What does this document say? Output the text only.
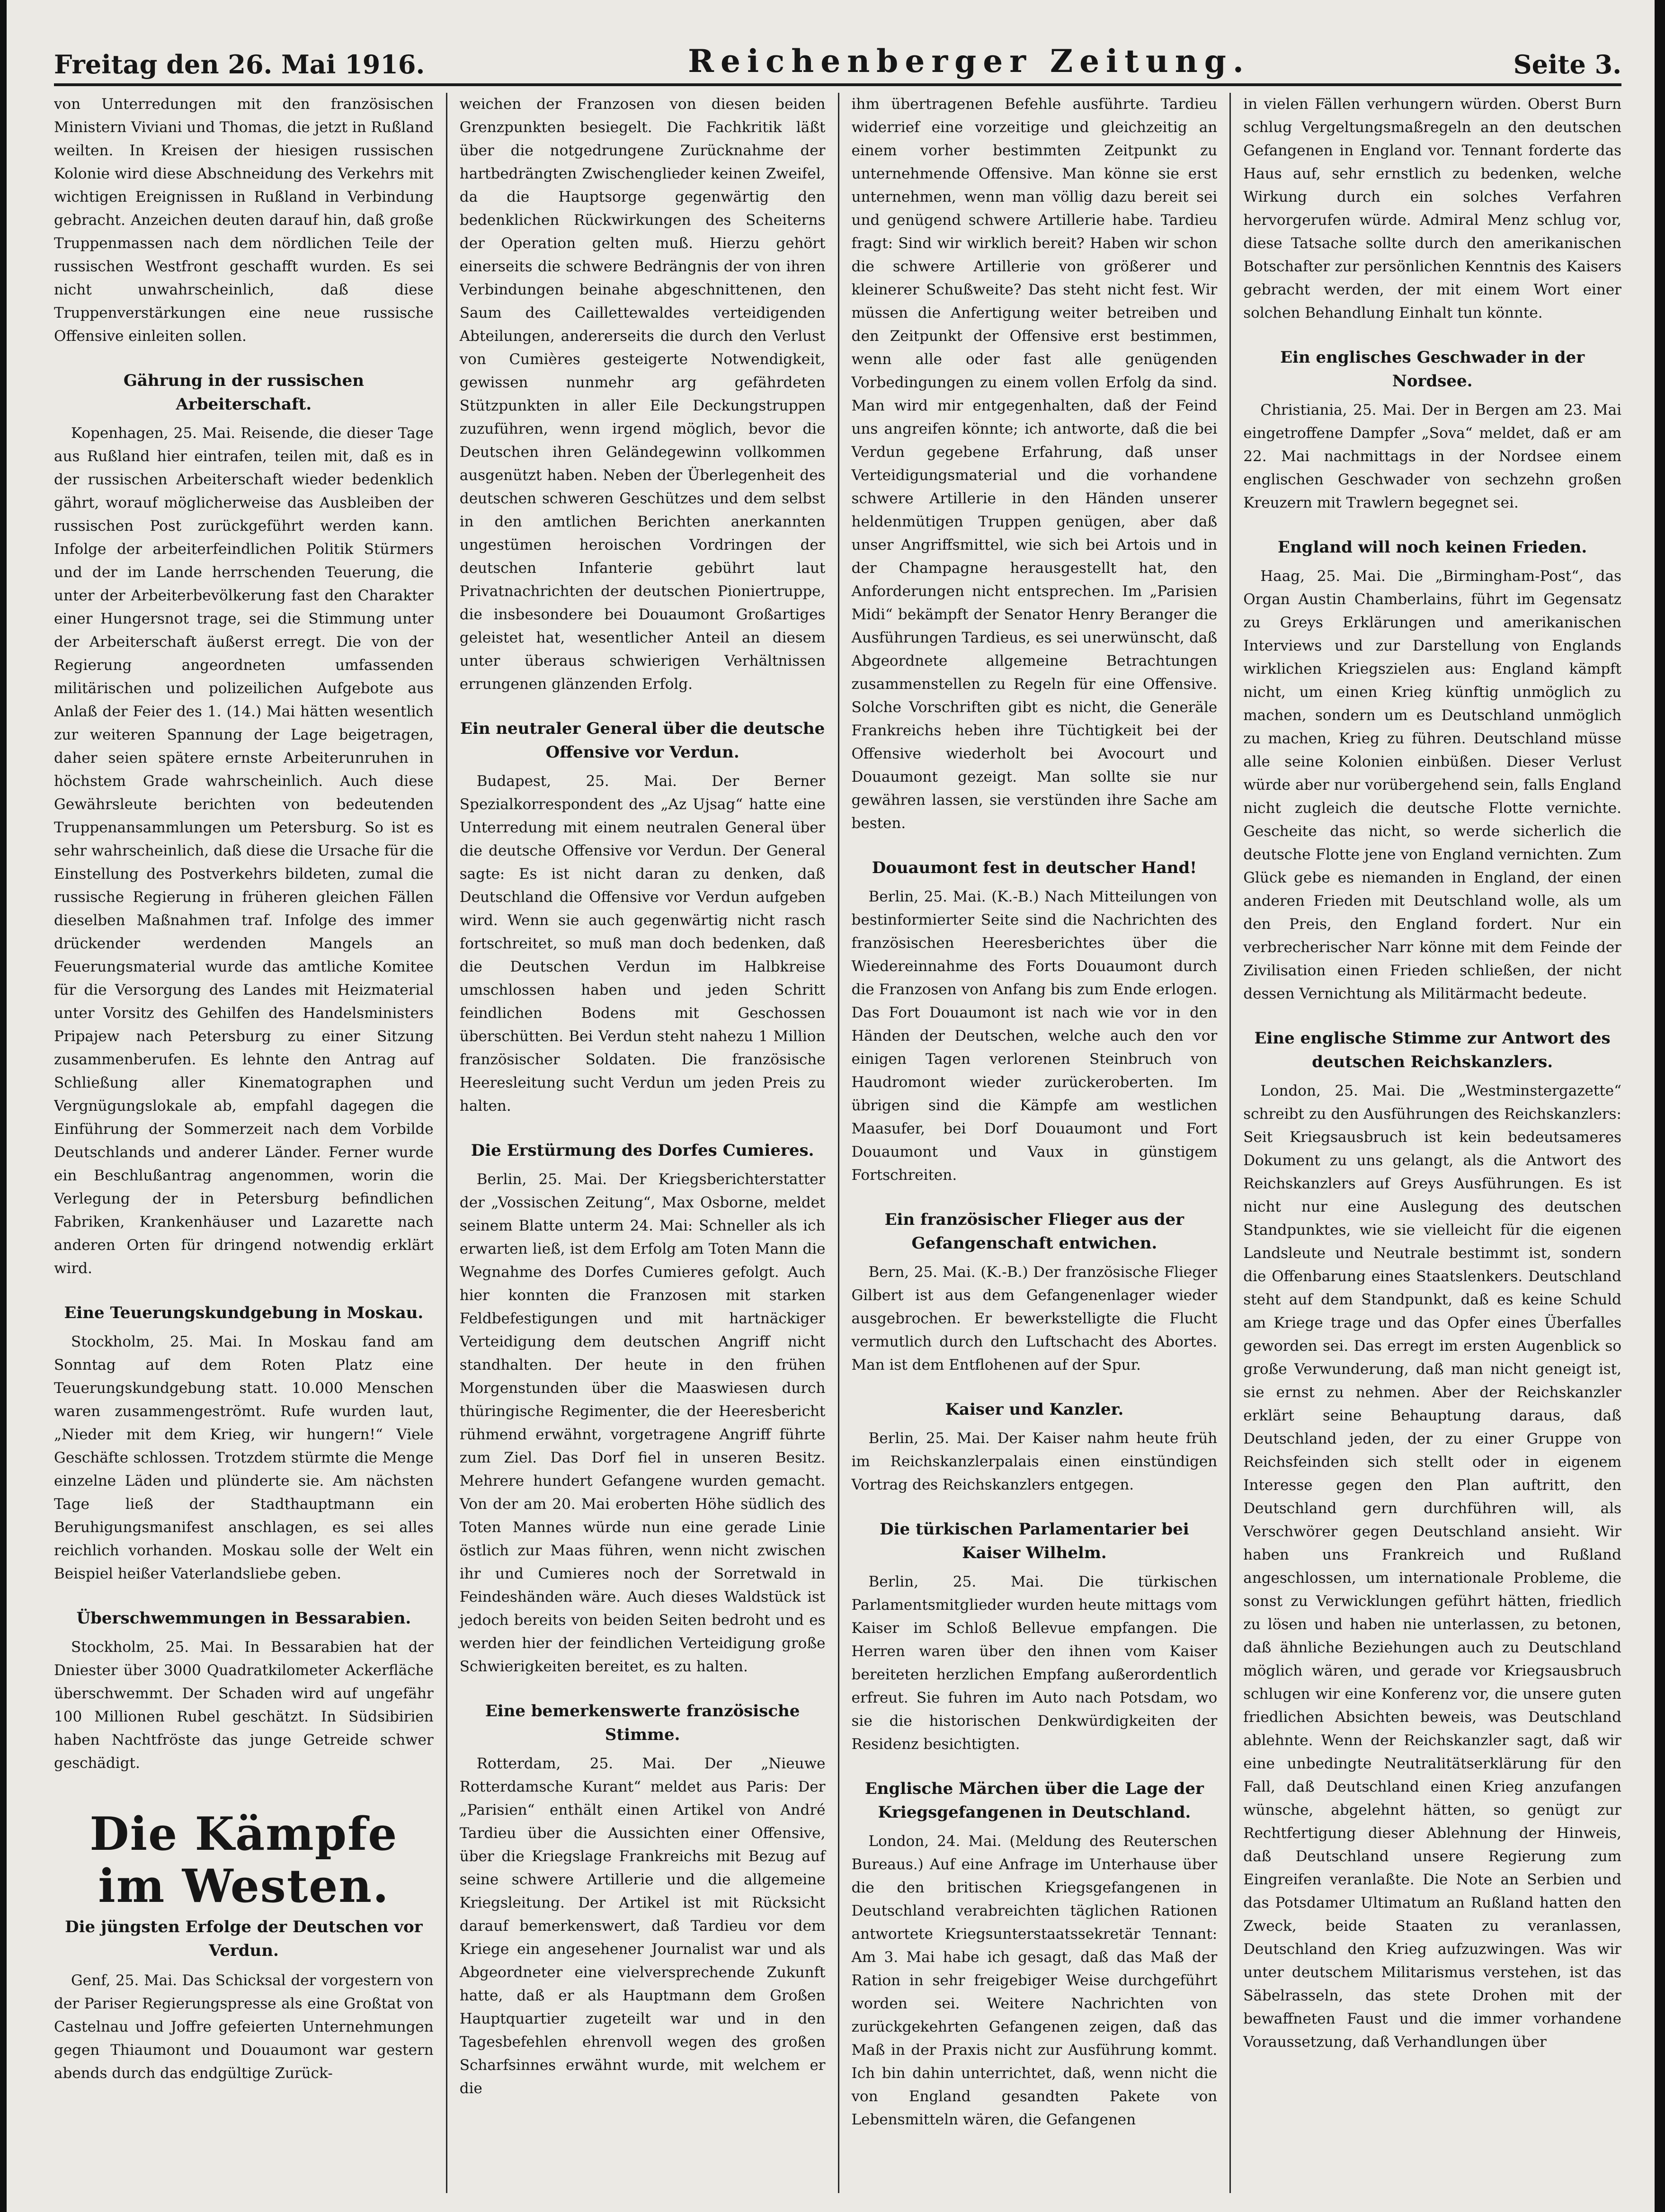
Freitag den 26. Mai 1916.	Reichenberger Zeitung.	Seite 3.

von Unterredungen mit den französischen Ministern Viviani und Thomas, die jetzt in Rußland weilten. In Kreisen der hiesigen russischen Kolonie wird diese Abschneidung des Verkehrs mit wichtigen Ereignissen in Rußland in Verbindung gebracht. Anzeichen deuten darauf hin, daß große Truppenmassen nach dem nördlichen Teile der russischen Westfront geschafft wurden. Es sei nicht unwahrscheinlich, daß diese Truppenverstärkungen eine neue russische Offensive einleiten sollen.

Gährung in der russischen Arbeiterschaft.

Kopenhagen, 25. Mai. Reisende, die dieser Tage aus Rußland hier eintrafen, teilen mit, daß es in der russischen Arbeiterschaft wieder bedenklich gährt, worauf möglicherweise das Ausbleiben der russischen Post zurückgeführt werden kann. Infolge der arbeiterfeindlichen Politik Stürmers und der im Lande herrschenden Teuerung, die unter der Arbeiterbevölkerung fast den Charakter einer Hungersnot trage, sei die Stimmung unter der Arbeiterschaft äußerst erregt. Die von der Regierung angeordneten umfassenden militärischen und polizeilichen Aufgebote aus Anlaß der Feier des 1. (14.) Mai hätten wesentlich zur weiteren Spannung der Lage beigetragen, daher seien spätere ernste Arbeiterunruhen in höchstem Grade wahrscheinlich. Auch diese Gewährsleute berichten von bedeutenden Truppenansammlungen um Petersburg. So ist es sehr wahrscheinlich, daß diese die Ursache für die Einstellung des Postverkehrs bildeten, zumal die russische Regierung in früheren gleichen Fällen dieselben Maßnahmen traf. Infolge des immer drückender werdenden Mangels an Feuerungsmaterial wurde das amtliche Komitee für die Versorgung des Landes mit Heizmaterial unter Vorsitz des Gehilfen des Handelsministers Pripajew nach Petersburg zu einer Sitzung zusammenberufen. Es lehnte den Antrag auf Schließung aller Kinematographen und Vergnügungslokale ab, empfahl dagegen die Einführung der Sommerzeit nach dem Vorbilde Deutschlands und anderer Länder. Ferner wurde ein Beschlußantrag angenommen, worin die Verlegung der in Petersburg befindlichen Fabriken, Krankenhäuser und Lazarette nach anderen Orten für dringend notwendig erklärt wird.

Eine Teuerungskundgebung in Moskau.

Stockholm, 25. Mai. In Moskau fand am Sonntag auf dem Roten Platz eine Teuerungskundgebung statt. 10.000 Menschen waren zusammengeströmt. Rufe wurden laut, „Nieder mit dem Krieg, wir hungern!“ Viele Geschäfte schlossen. Trotzdem stürmte die Menge einzelne Läden und plünderte sie. Am nächsten Tage ließ der Stadthauptmann ein Beruhigungsmanifest anschlagen, es sei alles reichlich vorhanden. Moskau solle der Welt ein Beispiel heißer Vaterlandsliebe geben.

Überschwemmungen in Bessarabien.

Stockholm, 25. Mai. In Bessarabien hat der Dniester über 3000 Quadratkilometer Ackerfläche überschwemmt. Der Schaden wird auf ungefähr 100 Millionen Rubel geschätzt. In Südsibirien haben Nachtfröste das junge Getreide schwer geschädigt.

Die Kämpfe im Westen.
Die jüngsten Erfolge der Deutschen vor Verdun.

Genf, 25. Mai. Das Schicksal der vorgestern von der Pariser Regierungspresse als eine Großtat von Castelnau und Joffre gefeierten Unternehmungen gegen Thiaumont und Douaumont war gestern abends durch das endgültige Zurück-

weichen der Franzosen von diesen beiden Grenzpunkten besiegelt. Die Fachkritik läßt über die notgedrungene Zurücknahme der hartbedrängten Zwischenglieder keinen Zweifel, da die Hauptsorge gegenwärtig den bedenklichen Rückwirkungen des Scheiterns der Operation gelten muß. Hierzu gehört einerseits die schwere Bedrängnis der von ihren Verbindungen beinahe abgeschnittenen, den Saum des Caillettewaldes verteidigenden Abteilungen, andererseits die durch den Verlust von Cumières gesteigerte Notwendigkeit, gewissen nunmehr arg gefährdeten Stützpunkten in aller Eile Deckungstruppen zuzuführen, wenn irgend möglich, bevor die Deutschen ihren Geländegewinn vollkommen ausgenützt haben. Neben der Überlegenheit des deutschen schweren Geschützes und dem selbst in den amtlichen Berichten anerkannten ungestümen heroischen Vordringen der deutschen Infanterie gebührt laut Privatnachrichten der deutschen Pioniertruppe, die insbesondere bei Douaumont Großartiges geleistet hat, wesentlicher Anteil an diesem unter überaus schwierigen Verhältnissen errungenen glänzenden Erfolg.

Ein neutraler General über die deutsche Offensive vor Verdun.

Budapest, 25. Mai. Der Berner Spezialkorrespondent des „Az Ujsag“ hatte eine Unterredung mit einem neutralen General über die deutsche Offensive vor Verdun. Der General sagte: Es ist nicht daran zu denken, daß Deutschland die Offensive vor Verdun aufgeben wird. Wenn sie auch gegenwärtig nicht rasch fortschreitet, so muß man doch bedenken, daß die Deutschen Verdun im Halbkreise umschlossen haben und jeden Schritt feindlichen Bodens mit Geschossen überschütten. Bei Verdun steht nahezu 1 Million französischer Soldaten. Die französische Heeresleitung sucht Verdun um jeden Preis zu halten.

Die Erstürmung des Dorfes Cumieres.

Berlin, 25. Mai. Der Kriegsberichterstatter der „Vossischen Zeitung“, Max Osborne, meldet seinem Blatte unterm 24. Mai: Schneller als ich erwarten ließ, ist dem Erfolg am Toten Mann die Wegnahme des Dorfes Cumieres gefolgt. Auch hier konnten die Franzosen mit starken Feldbefestigungen und mit hartnäckiger Verteidigung dem deutschen Angriff nicht standhalten. Der heute in den frühen Morgenstunden über die Maaswiesen durch thüringische Regimenter, die der Heeresbericht rühmend erwähnt, vorgetragene Angriff führte zum Ziel. Das Dorf fiel in unseren Besitz. Mehrere hundert Gefangene wurden gemacht. Von der am 20. Mai eroberten Höhe südlich des Toten Mannes würde nun eine gerade Linie östlich zur Maas führen, wenn nicht zwischen ihr und Cumieres noch der Sorretwald in Feindeshänden wäre. Auch dieses Waldstück ist jedoch bereits von beiden Seiten bedroht und es werden hier der feindlichen Verteidigung große Schwierigkeiten bereitet, es zu halten.

Eine bemerkenswerte französische Stimme.

Rotterdam, 25. Mai. Der „Nieuwe Rotterdamsche Kurant“ meldet aus Paris: Der „Parisien“ enthält einen Artikel von André Tardieu über die Aussichten einer Offensive, über die Kriegslage Frankreichs mit Bezug auf seine schwere Artillerie und die allgemeine Kriegsleitung. Der Artikel ist mit Rücksicht darauf bemerkenswert, daß Tardieu vor dem Kriege ein angesehener Journalist war und als Abgeordneter eine vielversprechende Zukunft hatte, daß er als Hauptmann dem Großen Hauptquartier zugeteilt war und in den Tagesbefehlen ehrenvoll wegen des großen Scharfsinnes erwähnt wurde, mit welchem er die

ihm übertragenen Befehle ausführte. Tardieu widerrief eine vorzeitige und gleichzeitig an einem vorher bestimmten Zeitpunkt zu unternehmende Offensive. Man könne sie erst unternehmen, wenn man völlig dazu bereit sei und genügend schwere Artillerie habe. Tardieu fragt: Sind wir wirklich bereit? Haben wir schon die schwere Artillerie von größerer und kleinerer Schußweite? Das steht nicht fest. Wir müssen die Anfertigung weiter betreiben und den Zeitpunkt der Offensive erst bestimmen, wenn alle oder fast alle genügenden Vorbedingungen zu einem vollen Erfolg da sind. Man wird mir entgegenhalten, daß der Feind uns angreifen könnte; ich antworte, daß die bei Verdun gegebene Erfahrung, daß unser Verteidigungsmaterial und die vorhandene schwere Artillerie in den Händen unserer heldenmütigen Truppen genügen, aber daß unser Angriffsmittel, wie sich bei Artois und in der Champagne herausgestellt hat, den Anforderungen nicht entsprechen. Im „Parisien Midi“ bekämpft der Senator Henry Beranger die Ausführungen Tardieus, es sei unerwünscht, daß Abgeordnete allgemeine Betrachtungen zusammenstellen zu Regeln für eine Offensive. Solche Vorschriften gibt es nicht, die Generäle Frankreichs heben ihre Tüchtigkeit bei der Offensive wiederholt bei Avocourt und Douaumont gezeigt. Man sollte sie nur gewähren lassen, sie verstünden ihre Sache am besten.

Douaumont fest in deutscher Hand!

Berlin, 25. Mai. (K.-B.) Nach Mitteilungen von bestinformierter Seite sind die Nachrichten des französischen Heeresberichtes über die Wiedereinnahme des Forts Douaumont durch die Franzosen von Anfang bis zum Ende erlogen. Das Fort Douaumont ist nach wie vor in den Händen der Deutschen, welche auch den vor einigen Tagen verlorenen Steinbruch von Haudromont wieder zurückeroberten. Im übrigen sind die Kämpfe am westlichen Maasufer, bei Dorf Douaumont und Fort Douaumont und Vaux in günstigem Fortschreiten.

Ein französischer Flieger aus der Gefangenschaft entwichen.

Bern, 25. Mai. (K.-B.) Der französische Flieger Gilbert ist aus dem Gefangenenlager wieder ausgebrochen. Er bewerkstelligte die Flucht vermutlich durch den Luftschacht des Abortes. Man ist dem Entflohenen auf der Spur.

Kaiser und Kanzler.

Berlin, 25. Mai. Der Kaiser nahm heute früh im Reichskanzlerpalais einen einstündigen Vortrag des Reichskanzlers entgegen.

Die türkischen Parlamentarier bei Kaiser Wilhelm.

Berlin, 25. Mai. Die türkischen Parlamentsmitglieder wurden heute mittags vom Kaiser im Schloß Bellevue empfangen. Die Herren waren über den ihnen vom Kaiser bereiteten herzlichen Empfang außerordentlich erfreut. Sie fuhren im Auto nach Potsdam, wo sie die historischen Denkwürdigkeiten der Residenz besichtigten.

Englische Märchen über die Lage der Kriegsgefangenen in Deutschland.

London, 24. Mai. (Meldung des Reuterschen Bureaus.) Auf eine Anfrage im Unterhause über die den britischen Kriegsgefangenen in Deutschland verabreichten täglichen Rationen antwortete Kriegsunterstaatssekretär Tennant: Am 3. Mai habe ich gesagt, daß das Maß der Ration in sehr freigebiger Weise durchgeführt worden sei. Weitere Nachrichten von zurückgekehrten Gefangenen zeigen, daß das Maß in der Praxis nicht zur Ausführung kommt. Ich bin dahin unterrichtet, daß, wenn nicht die von England gesandten Pakete von Lebensmitteln wären, die Gefangenen

in vielen Fällen verhungern würden. Oberst Burn schlug Vergeltungsmaßregeln an den deutschen Gefangenen in England vor. Tennant forderte das Haus auf, sehr ernstlich zu bedenken, welche Wirkung durch ein solches Verfahren hervorgerufen würde. Admiral Menz schlug vor, diese Tatsache sollte durch den amerikanischen Botschafter zur persönlichen Kenntnis des Kaisers gebracht werden, der mit einem Wort einer solchen Behandlung Einhalt tun könnte.

Ein englisches Geschwader in der Nordsee.

Christiania, 25. Mai. Der in Bergen am 23. Mai eingetroffene Dampfer „Sova“ meldet, daß er am 22. Mai nachmittags in der Nordsee einem englischen Geschwader von sechzehn großen Kreuzern mit Trawlern begegnet sei.

England will noch keinen Frieden.

Haag, 25. Mai. Die „Birmingham-Post“, das Organ Austin Chamberlains, führt im Gegensatz zu Greys Erklärungen und amerikanischen Interviews und zur Darstellung von Englands wirklichen Kriegszielen aus: England kämpft nicht, um einen Krieg künftig unmöglich zu machen, sondern um es Deutschland unmöglich zu machen, Krieg zu führen. Deutschland müsse alle seine Kolonien einbüßen. Dieser Verlust würde aber nur vorübergehend sein, falls England nicht zugleich die deutsche Flotte vernichte. Gescheite das nicht, so werde sicherlich die deutsche Flotte jene von England vernichten. Zum Glück gebe es niemanden in England, der einen anderen Frieden mit Deutschland wolle, als um den Preis, den England fordert. Nur ein verbrecherischer Narr könne mit dem Feinde der Zivilisation einen Frieden schließen, der nicht dessen Vernichtung als Militärmacht bedeute.

Eine englische Stimme zur Antwort des deutschen Reichskanzlers.

London, 25. Mai. Die „Westminstergazette“ schreibt zu den Ausführungen des Reichskanzlers: Seit Kriegsausbruch ist kein bedeutsameres Dokument zu uns gelangt, als die Antwort des Reichskanzlers auf Greys Ausführungen. Es ist nicht nur eine Auslegung des deutschen Standpunktes, wie sie vielleicht für die eigenen Landsleute und Neutrale bestimmt ist, sondern die Offenbarung eines Staatslenkers. Deutschland steht auf dem Standpunkt, daß es keine Schuld am Kriege trage und das Opfer eines Überfalles geworden sei. Das erregt im ersten Augenblick so große Verwunderung, daß man nicht geneigt ist, sie ernst zu nehmen. Aber der Reichskanzler erklärt seine Behauptung daraus, daß Deutschland jeden, der zu einer Gruppe von Reichsfeinden sich stellt oder in eigenem Interesse gegen den Plan auftritt, den Deutschland gern durchführen will, als Verschwörer gegen Deutschland ansieht. Wir haben uns Frankreich und Rußland angeschlossen, um internationale Probleme, die sonst zu Verwicklungen geführt hätten, friedlich zu lösen und haben nie unterlassen, zu betonen, daß ähnliche Beziehungen auch zu Deutschland möglich wären, und gerade vor Kriegsausbruch schlugen wir eine Konferenz vor, die unsere guten friedlichen Absichten beweis, was Deutschland ablehnte. Wenn der Reichskanzler sagt, daß wir eine unbedingte Neutralitätserklärung für den Fall, daß Deutschland einen Krieg anzufangen wünsche, abgelehnt hätten, so genügt zur Rechtfertigung dieser Ablehnung der Hinweis, daß Deutschland unsere Regierung zum Eingreifen veranlaßte. Die Note an Serbien und das Potsdamer Ultimatum an Rußland hatten den Zweck, beide Staaten zu veranlassen, Deutschland den Krieg aufzuzwingen. Was wir unter deutschem Militarismus verstehen, ist das Säbelrasseln, das stete Drohen mit der bewaffneten Faust und die immer vorhandene Voraussetzung, daß Verhandlungen über
